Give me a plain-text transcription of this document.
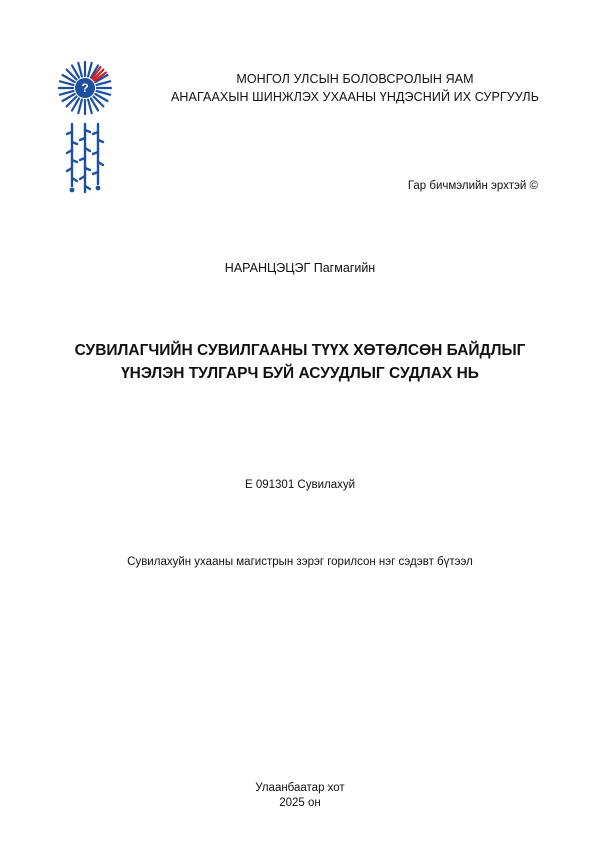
?
МОНГОЛ УЛСЫН БОЛОВСРОЛЫН ЯАМ
АНАГААХЫН ШИНЖЛЭХ УХААНЫ ҮНДЭСНИЙ ИХ СУРГУУЛЬ
Гар бичмэлийн эрхтэй ©
НАРАНЦЭЦЭГ Пагмагийн
СУВИЛАГЧИЙН СУВИЛГААНЫ ТҮҮХ ХӨТӨЛСӨН БАЙДЛЫГ
ҮНЭЛЭН ТУЛГАРЧ БУЙ АСУУДЛЫГ СУДЛАХ НЬ
Е 091301 Сувилахуй
Сувилахуйн ухааны магистрын зэрэг горилсон нэг сэдэвт бүтээл
Улаанбаатар хот
2025 он
